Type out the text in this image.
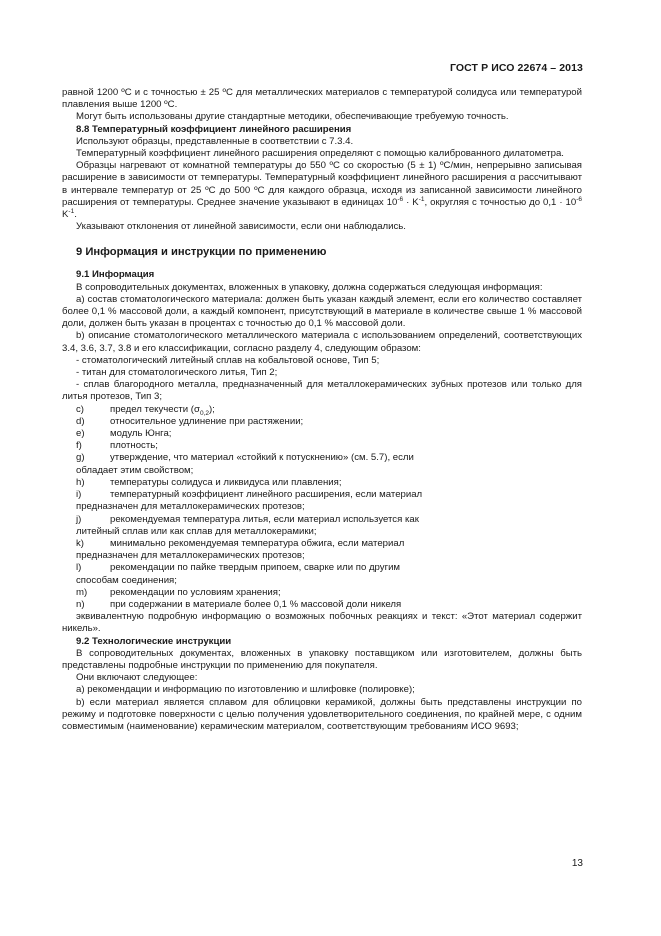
ГОСТ Р ИСО 22674 – 2013

равной 1200 ºС и с точностью ± 25 ºС для металлических материалов с температурой солидуса или температурой плавления выше 1200 ºС.

Могут быть использованы другие стандартные методики, обеспечивающие требуемую точность.

8.8 Температурный коэффициент линейного расширения

Используют образцы, представленные в соответствии с 7.3.4.

Температурный коэффициент линейного расширения определяют с помощью калиброванного дилатометра.

Образцы нагревают от комнатной температуры до 550 ºС со скоростью (5 ± 1) ºС/мин, непрерывно записывая расширение в зависимости от температуры. Температурный коэффициент линейного расширения α рассчитывают в интервале температур от 25 ºС до 500 ºС для каждого образца, исходя из записанной зависимости линейного расширения от температуры. Среднее значение указывают в единицах $10^{-6} \cdot K^{-1}$, округляя с точностью до $0,1 \cdot 10^{-6}$ $K^{-1}$.

Указывают отклонения от линейной зависимости, если они наблюдались.

9 Информация и инструкции по применению

9.1 Информация

В сопроводительных документах, вложенных в упаковку, должна содержаться следующая информация:

а) состав стоматологического материала: должен быть указан каждый элемент, если его количество составляет более 0,1 % массовой доли, а каждый компонент, присутствующий в материале в количестве свыше 1 % массовой доли, должен быть указан в процентах с точностью до 0,1 % массовой доли.

b) описание стоматологического металлического материала с использованием определений, соответствующих 3.4, 3.6, 3.7, 3.8 и его классификации, согласно разделу 4, следующим образом:

- стоматологический литейный сплав на кобальтовой основе, Тип 5;

- титан для стоматологического литья, Тип 2;

- сплав благородного металла, предназначенный для металлокерамических зубных протезов или только для литья протезов, Тип 3;

с)	предел текучести $(\sigma_{0,2})$;
d)	относительное удлинение при растяжении;
e)	модуль Юнга;
f)	плотность;
g)	утверждение, что материал «стойкий к потускнению» (см. 5.7), если
обладает этим свойством;
h)	температуры солидуса и ликвидуса или плавления;
i)	температурный коэффициент линейного расширения, если материал
предназначен для металлокерамических протезов;
j)	рекомендуемая температура литья, если материал используется как
литейный сплав или как сплав для металлокерамики;
k)	минимально рекомендуемая температура обжига, если материал
предназначен для металлокерамических протезов;
l)	рекомендации по пайке твердым припоем, сварке или по другим
способам соединения;
m)	рекомендации по условиям хранения;
n)	при содержании в материале более 0,1 % массовой доли никеля

эквивалентную подробную информацию о возможных побочных реакциях и текст: «Этот материал содержит никель».

9.2 Технологические инструкции

В сопроводительных документах, вложенных в упаковку поставщиком или изготовителем, должны быть представлены подробные инструкции по применению для покупателя.

Они включают следующее:

а) рекомендации и информацию по изготовлению и шлифовке (полировке);

b) если материал является сплавом для облицовки керамикой, должны быть представлены инструкции по режиму и подготовке поверхности с целью получения удовлетворительного соединения, по крайней мере, с одним совместимым (наименование) керамическим материалом, соответствующим требованиям ИСО 9693;

13
